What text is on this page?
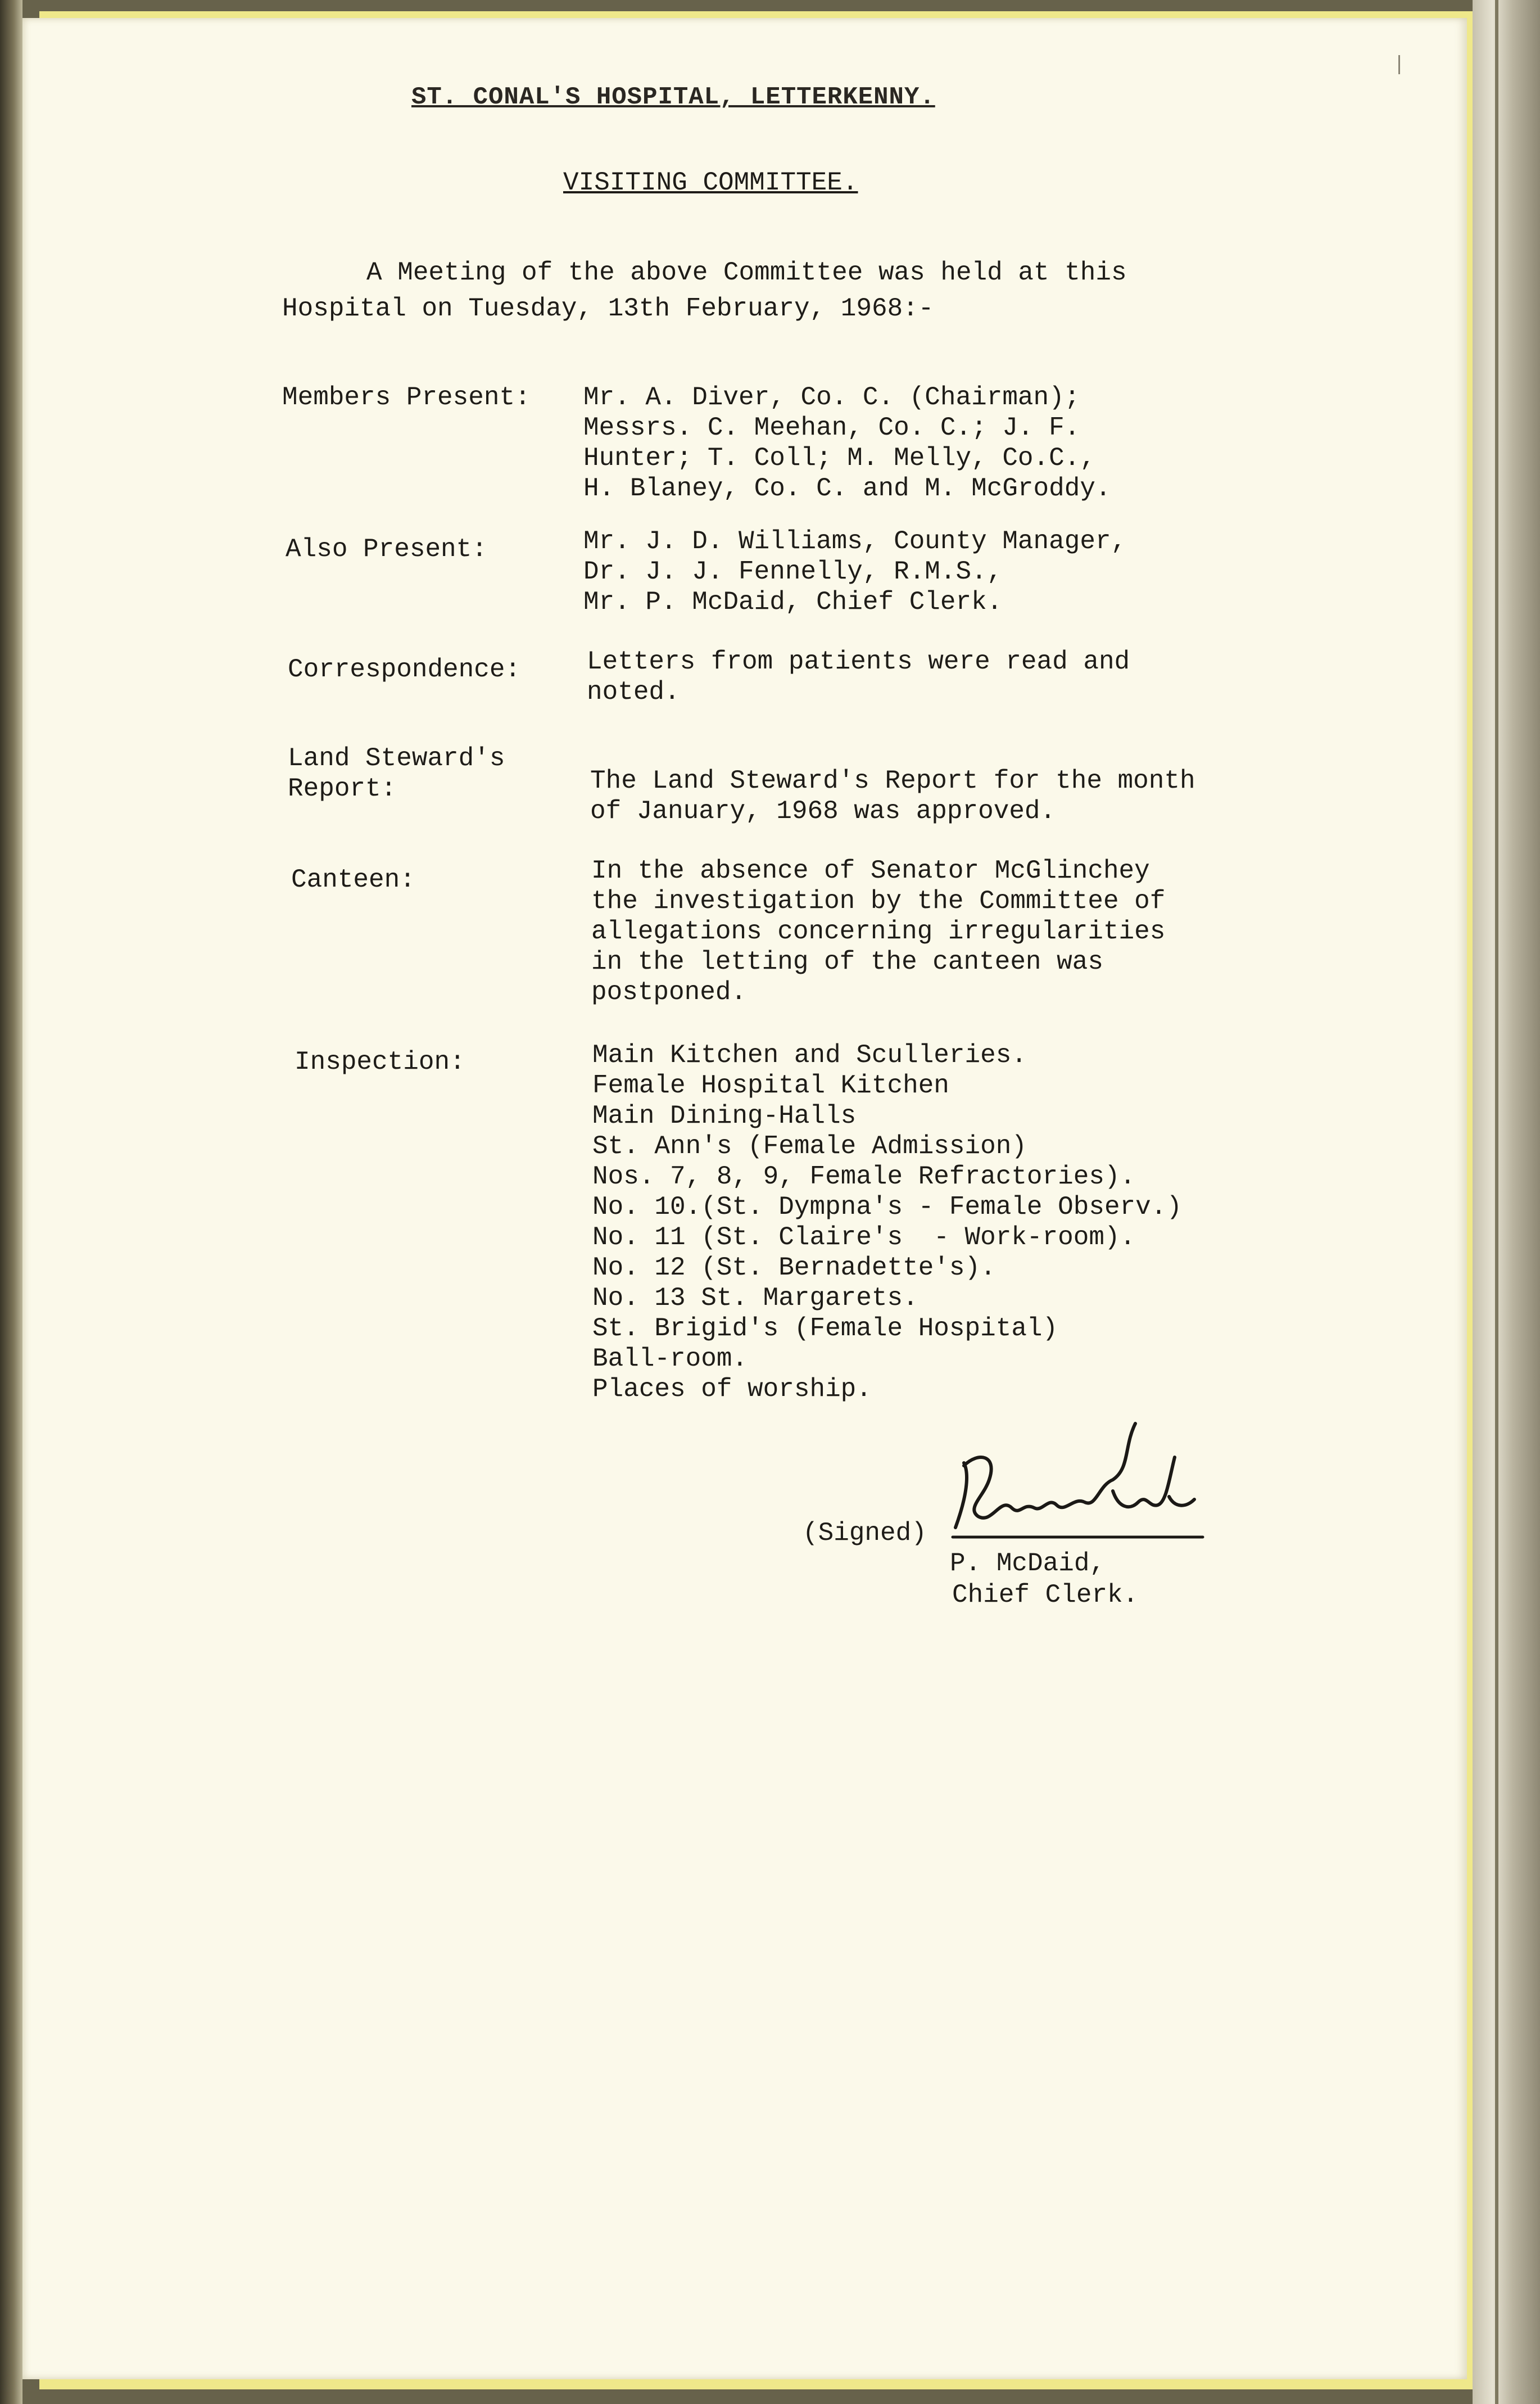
ST. CONAL'S HOSPITAL, LETTERKENNY.

VISITING COMMITTEE.

A Meeting of the above Committee was held at this

Hospital on Tuesday, 13th February, 1968:-

Members Present: Mr. A. Diver, Co. C. (Chairman);
Messrs. C. Meehan, Co. C.; J. F.
Hunter; T. Coll; M. Melly, Co.C.,
H. Blaney, Co. C. and M. McGroddy.

Also Present:	Mr. J. D. Williams, County Manager,
Dr. J. J. Fennelly, R.M.S.,
Mr. P. McDaid, Chief Clerk.

Correspondence:	Letters from patients were read and
noted.
Land Steward's
Report:	The Land Steward's Report for the month
of January, 1968 was approved.

Canteen:	In the absence of Senator McGlinchey
the investigation by the Committee of
allegations concerning irregularities
in the letting of the canteen was
postponed.

Inspection:	Main Kitchen and Sculleries.
Female Hospital Kitchen
Main Dining-Halls
St. Ann's (Female Admission)
Nos. 7, 8, 9, Female Refractories).
No. 10.(St. Dympna's - Female Observ.)
No. 11 (St. Claire's  - Work-room).
No. 12 (St. Bernadette's).
No. 13 St. Margarets.
St. Brigid's (Female Hospital)
Ball-room.
Places of worship.

(Signed)

P. McDaid,

Chief Clerk.
